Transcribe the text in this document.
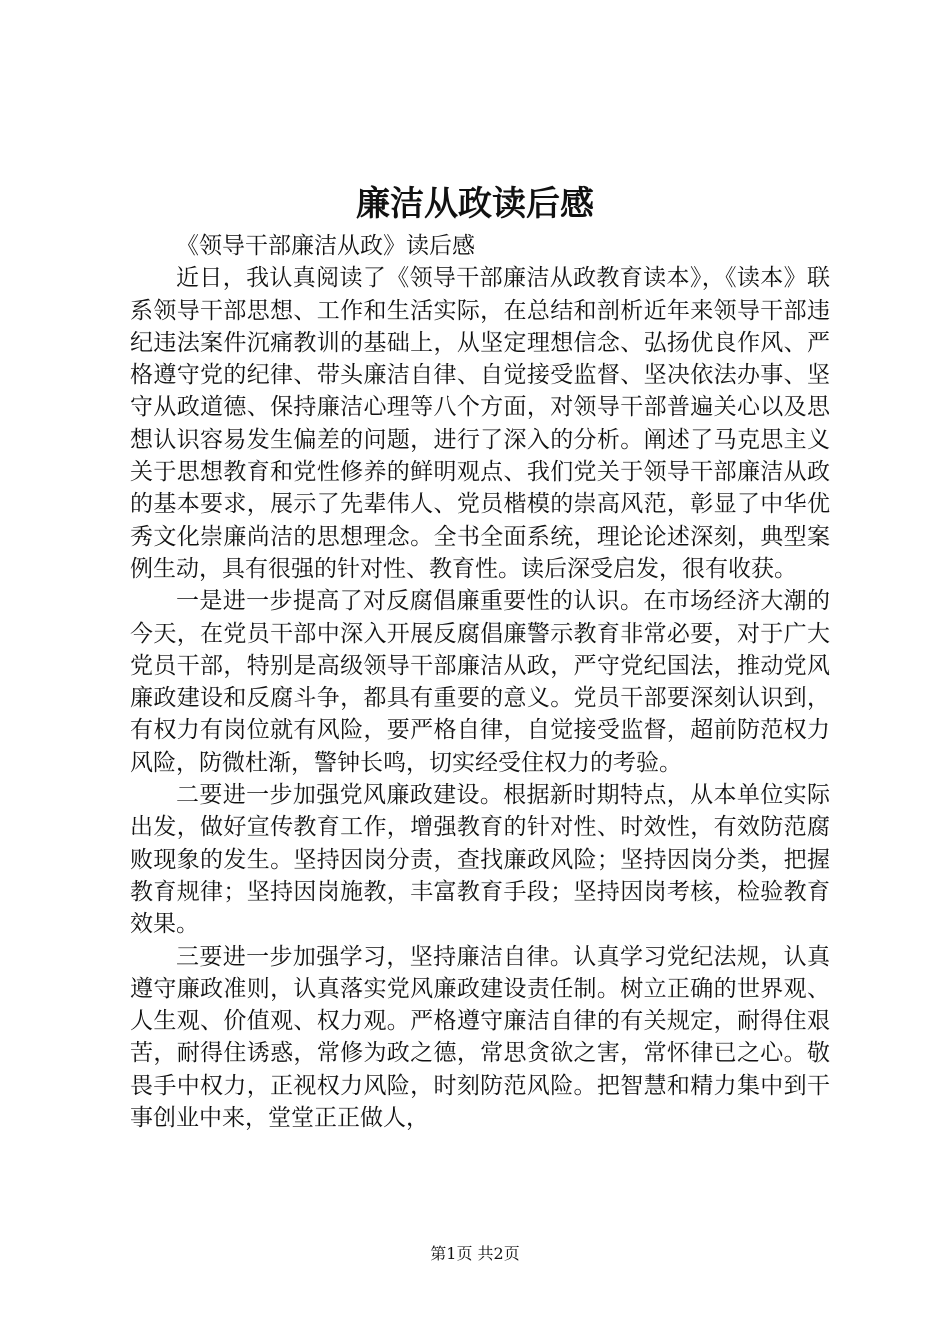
廉洁从政读后感

《领导干部廉洁从政》读后感

近日，我认真阅读了《领导干部廉洁从政教育读本》，《读本》联系领导干部思想、工作和生活实际，在总结和剖析近年来领导干部违纪违法案件沉痛教训的基础上，从坚定理想信念、弘扬优良作风、严格遵守党的纪律、带头廉洁自律、自觉接受监督、坚决依法办事、坚守从政道德、保持廉洁心理等八个方面，对领导干部普遍关心以及思想认识容易发生偏差的问题，进行了深入的分析。阐述了马克思主义关于思想教育和党性修养的鲜明观点、我们党关于领导干部廉洁从政的基本要求，展示了先辈伟人、党员楷模的崇高风范，彰显了中华优秀文化崇廉尚洁的思想理念。全书全面系统，理论论述深刻，典型案例生动，具有很强的针对性、教育性。读后深受启发，很有收获。

一是进一步提高了对反腐倡廉重要性的认识。在市场经济大潮的今天，在党员干部中深入开展反腐倡廉警示教育非常必要，对于广大党员干部，特别是高级领导干部廉洁从政，严守党纪国法，推动党风廉政建设和反腐斗争，都具有重要的意义。党员干部要深刻认识到，有权力有岗位就有风险，要严格自律，自觉接受监督，超前防范权力风险，防微杜渐，警钟长鸣，切实经受住权力的考验。

二要进一步加强党风廉政建设。根据新时期特点，从本单位实际出发，做好宣传教育工作，增强教育的针对性、时效性，有效防范腐败现象的发生。坚持因岗分责，查找廉政风险；坚持因岗分类，把握教育规律；坚持因岗施教，丰富教育手段；坚持因岗考核，检验教育效果。

三要进一步加强学习，坚持廉洁自律。认真学习党纪法规，认真遵守廉政准则，认真落实党风廉政建设责任制。树立正确的世界观、人生观、价值观、权力观。严格遵守廉洁自律的有关规定，耐得住艰苦，耐得住诱惑，常修为政之德，常思贪欲之害，常怀律已之心。敬畏手中权力，正视权力风险，时刻防范风险。把智慧和精力集中到干事创业中来，堂堂正正做人，

第1页 共2页
